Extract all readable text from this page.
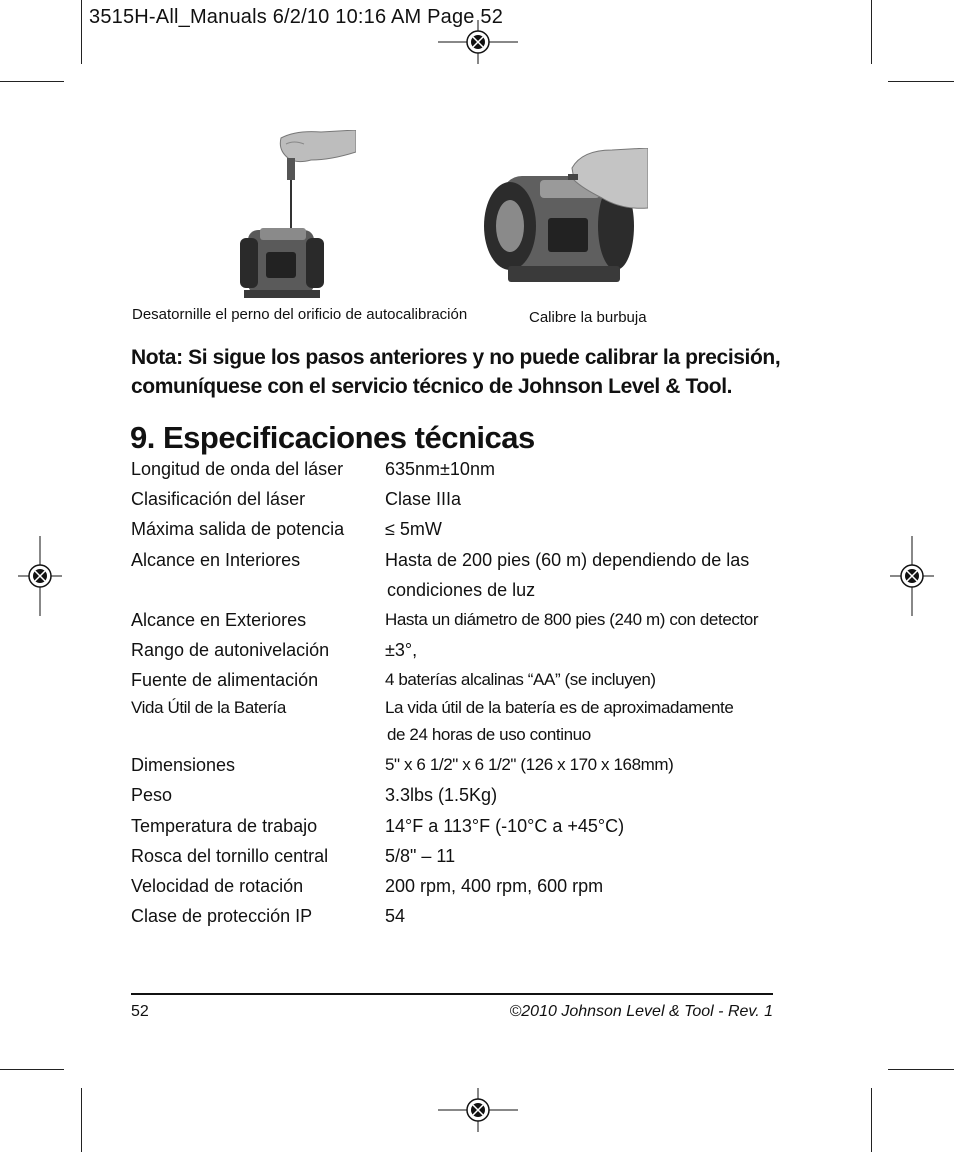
3515H-All_Manuals 6/2/10 10:16 AM Page 52
Desatornille el perno del orificio de autocalibración	Calibre la burbuja
Nota: Si sigue los pasos anteriores y no puede calibrar la precisión,
comuníquese con el servicio técnico de Johnson Level & Tool.
9. Especificaciones técnicas
Longitud de onda del láser 635nm±10nm
Clasificación del láser	Clase IIIa
Máxima salida de potencia ≤ 5mW
Alcance en Interiores	Hasta de 200 pies (60 m) dependiendo de las
condiciones de luz
Alcance en Exteriores	Hasta un diámetro de 800 pies (240 m) con detector
Rango de autonivelación	±3°,
Fuente de alimentación	4 baterías alcalinas “AA” (se incluyen)
Vida Útil de la Batería	La vida útil de la batería es de aproximadamente
de 24 horas de uso continuo
Dimensiones	5" x 6 1/2" x 6 1/2" (126 x 170 x 168mm)
Peso	3.3lbs (1.5Kg)
Temperatura de trabajo	14°F a 113°F (-10°C a +45°C)
Rosca del tornillo central	5/8" – 11
Velocidad de rotación	200 rpm, 400 rpm, 600 rpm
Clase de protección IP	54
52	©2010 Johnson Level & Tool - Rev. 1
